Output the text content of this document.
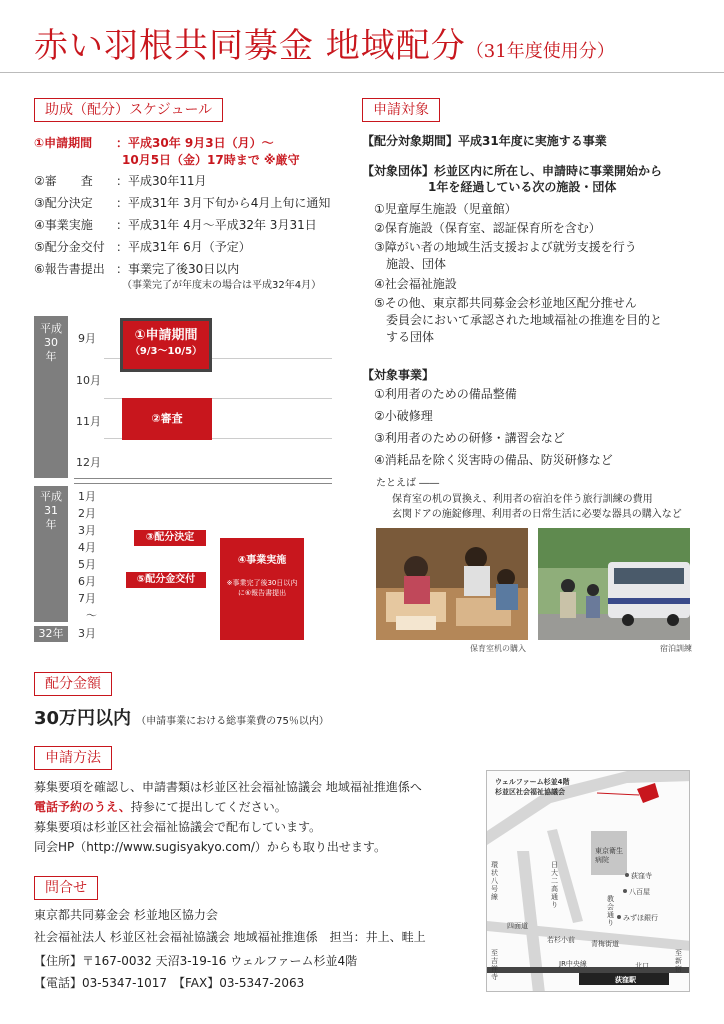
赤い羽根共同募金 地域配分（31年度使用分）
助成（配分）スケジュール
①申請期間 ：平成30年 9月3日（月）〜
10月5日（金）17時まで ※厳守
②審　　査 ：平成30年11月
③配分決定 ：平成31年 3月下旬から4月上旬に通知
④事業実施 ：平成31年 4月〜平成32年 3月31日
⑤配分金交付 ：平成31年 6月（予定）
⑥報告書提出 ：事業完了後30日以内
（事業完了が年度末の場合は平成32年4月）
平成30年
平成31年
32年
9月
10月
11月
12月
1月
2月
3月
4月
5月
6月
7月
〜
3月
①申請期間
（9/3〜10/5）
②審査
③配分決定
⑤配分金交付
④事業実施
※事業完了後30日以内に⑥報告書提出
申請対象
【配分対象期間】平成31年度に実施する事業
【対象団体】杉並区内に所在し、申請時に事業開始から
1年を経過している次の施設・団体
①児童厚生施設（児童館）
②保育施設（保育室、認証保育所を含む）
③障がい者の地域生活支援および就労支援を行う
　施設、団体
④社会福祉施設
⑤その他、東京都共同募金会杉並地区配分推せん
　委員会において承認された地域福祉の推進を目的と
　する団体
【対象事業】
①利用者のための備品整備
②小破修理
③利用者のための研修・講習会など
④消耗品を除く災害時の備品、防災研修など
たとえば ――
保育室の机の買換え、利用者の宿泊を伴う旅行訓練の費用
玄関ドアの施錠修理、利用者の日常生活に必要な器具の購入など
保育室机の購入	宿泊訓練
配分金額
30万円以内 （申請事業における総事業費の75％以内）
申請方法
募集要項を確認し、申請書類は杉並区社会福祉協議会 地域福祉推進係へ
電話予約のうえ、持参にて提出してください。
募集要項は杉並区社会福祉協議会で配布しています。
同会HP（http://www.sugisyakyo.com/）からも取り出せます。
問合せ
東京都共同募金会 杉並地区協力会
社会福祉法人 杉並区社会福祉協議会 地域福祉推進係　担当：井上、畦上
【住所】〒167-0032 天沼3-19-16 ウェルファーム杉並4階
【電話】03-5347-1017　【FAX】03-5347-2063
ウェルファーム杉並4階
杉並区社会福祉協議会
東京衛生病院
荻窪寺
八百屋
みずほ銀行
環状八号線
日大二高通り
教会通り
四面道
若杉小前 青梅街道
至吉祥寺
至新宿
JR中央線	北口
荻窪駅
